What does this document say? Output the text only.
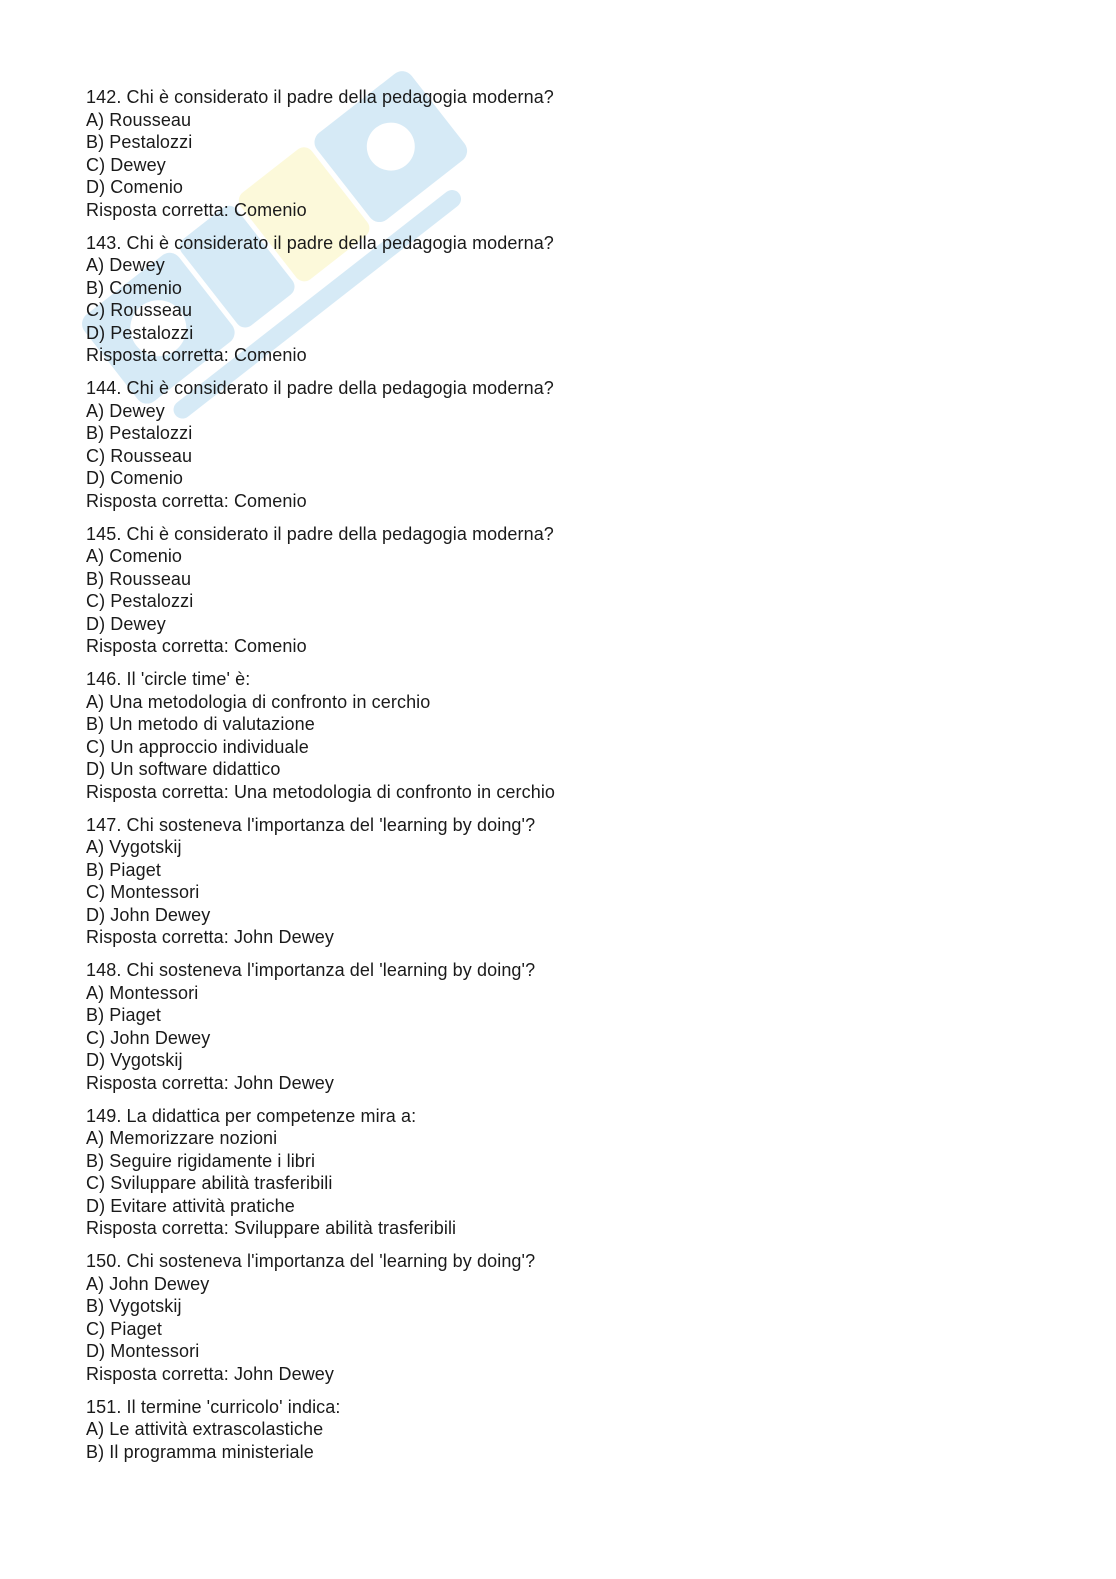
142. Chi è considerato il padre della pedagogia moderna?
A) Rousseau
B) Pestalozzi
C) Dewey
D) Comenio
Risposta corretta: Comenio
143. Chi è considerato il padre della pedagogia moderna?
A) Dewey
B) Comenio
C) Rousseau
D) Pestalozzi
Risposta corretta: Comenio
144. Chi è considerato il padre della pedagogia moderna?
A) Dewey
B) Pestalozzi
C) Rousseau
D) Comenio
Risposta corretta: Comenio
145. Chi è considerato il padre della pedagogia moderna?
A) Comenio
B) Rousseau
C) Pestalozzi
D) Dewey
Risposta corretta: Comenio
146. Il 'circle time' è:
A) Una metodologia di confronto in cerchio
B) Un metodo di valutazione
C) Un approccio individuale
D) Un software didattico
Risposta corretta: Una metodologia di confronto in cerchio
147. Chi sosteneva l'importanza del 'learning by doing'?
A) Vygotskij
B) Piaget
C) Montessori
D) John Dewey
Risposta corretta: John Dewey
148. Chi sosteneva l'importanza del 'learning by doing'?
A) Montessori
B) Piaget
C) John Dewey
D) Vygotskij
Risposta corretta: John Dewey
149. La didattica per competenze mira a:
A) Memorizzare nozioni
B) Seguire rigidamente i libri
C) Sviluppare abilità trasferibili
D) Evitare attività pratiche
Risposta corretta: Sviluppare abilità trasferibili
150. Chi sosteneva l'importanza del 'learning by doing'?
A) John Dewey
B) Vygotskij
C) Piaget
D) Montessori
Risposta corretta: John Dewey
151. Il termine 'curricolo' indica:
A) Le attività extrascolastiche
B) Il programma ministeriale
